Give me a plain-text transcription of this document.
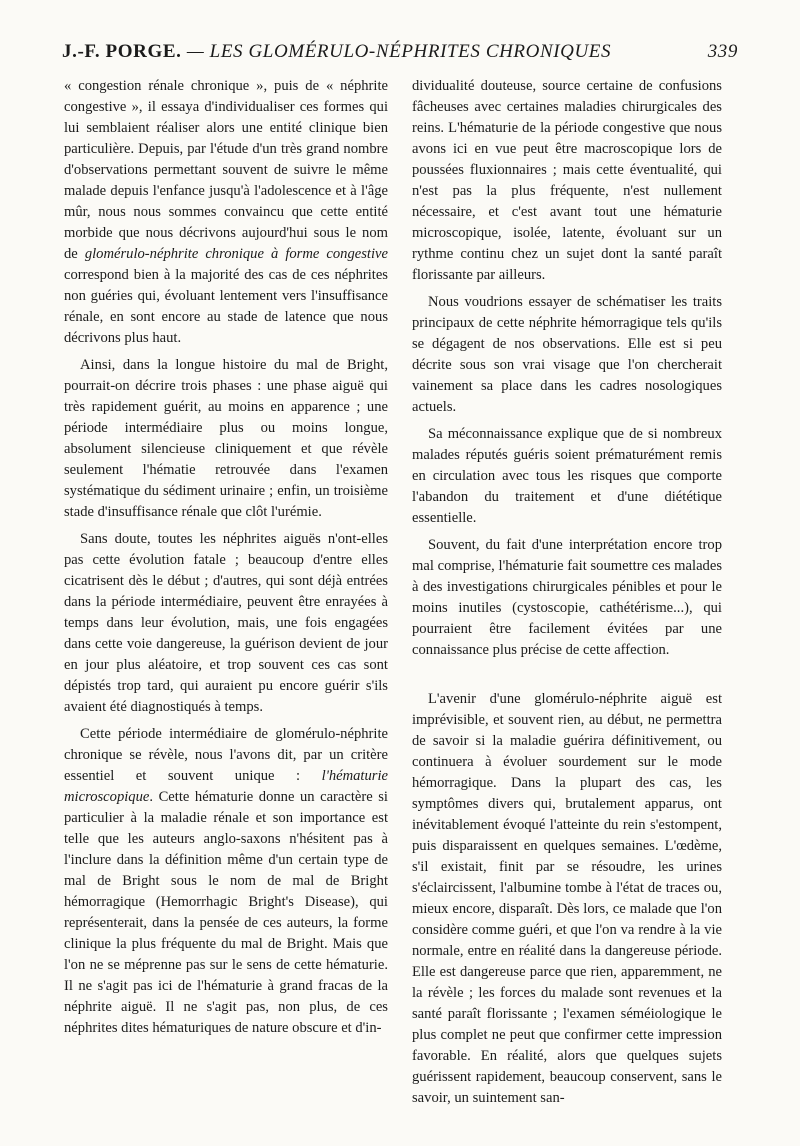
J.-F. PORGE. — LES GLOMÉRULO-NÉPHRITES CHRONIQUES	339

« congestion rénale chronique », puis de « néphrite congestive », il essaya d'individualiser ces formes qui lui semblaient réaliser alors une entité clinique bien particulière. Depuis, par l'étude d'un très grand nombre d'observations permettant souvent de suivre le même malade depuis l'enfance jusqu'à l'adolescence et à l'âge mûr, nous nous sommes convaincu que cette entité morbide que nous décrivons aujourd'hui sous le nom de glomérulo-néphrite chronique à forme congestive correspond bien à la majorité des cas de ces néphrites non guéries qui, évoluant lentement vers l'insuffisance rénale, en sont encore au stade de latence que nous décrivons plus haut.

Ainsi, dans la longue histoire du mal de Bright, pourrait-on décrire trois phases : une phase aiguë qui très rapidement guérit, au moins en apparence ; une période intermédiaire plus ou moins longue, absolument silencieuse cliniquement et que révèle seulement l'hématie retrouvée dans l'examen systématique du sédiment urinaire ; enfin, un troisième stade d'insuffisance rénale que clôt l'urémie.

Sans doute, toutes les néphrites aiguës n'ont-elles pas cette évolution fatale ; beaucoup d'entre elles cicatrisent dès le début ; d'autres, qui sont déjà entrées dans la période intermédiaire, peuvent être enrayées à temps dans leur évolution, mais, une fois engagées dans cette voie dangereuse, la guérison devient de jour en jour plus aléatoire, et trop souvent ces cas sont dépistés trop tard, qui auraient pu encore guérir s'ils avaient été diagnostiqués à temps.

Cette période intermédiaire de glomérulo-néphrite chronique se révèle, nous l'avons dit, par un critère essentiel et souvent unique : l'hématurie microscopique. Cette hématurie donne un caractère si particulier à la maladie rénale et son importance est telle que les auteurs anglo-saxons n'hésitent pas à l'inclure dans la définition même d'un certain type de mal de Bright sous le nom de mal de Bright hémorragique (Hemorrhagic Bright's Disease), qui représenterait, dans la pensée de ces auteurs, la forme clinique la plus fréquente du mal de Bright. Mais que l'on ne se méprenne pas sur le sens de cette hématurie. Il ne s'agit pas ici de l'hématurie à grand fracas de la néphrite aiguë. Il ne s'agit pas, non plus, de ces néphrites dites hématuriques de nature obscure et d'in-

dividualité douteuse, source certaine de confusions fâcheuses avec certaines maladies chirurgicales des reins. L'hématurie de la période congestive que nous avons ici en vue peut être macroscopique lors de poussées fluxionnaires ; mais cette éventualité, qui n'est pas la plus fréquente, n'est nullement nécessaire, et c'est avant tout une hématurie microscopique, isolée, latente, évoluant sur un rythme continu chez un sujet dont la santé paraît florissante par ailleurs.

Nous voudrions essayer de schématiser les traits principaux de cette néphrite hémorragique tels qu'ils se dégagent de nos observations. Elle est si peu décrite sous son vrai visage que l'on chercherait vainement sa place dans les cadres nosologiques actuels.

Sa méconnaissance explique que de si nombreux malades réputés guéris soient prématurément remis en circulation avec tous les risques que comporte l'abandon du traitement et d'une diététique essentielle.

Souvent, du fait d'une interprétation encore trop mal comprise, l'hématurie fait soumettre ces malades à des investigations chirurgicales pénibles et pour le moins inutiles (cystoscopie, cathétérisme...), qui pourraient être facilement évitées par une connaissance plus précise de cette affection.

L'avenir d'une glomérulo-néphrite aiguë est imprévisible, et souvent rien, au début, ne permettra de savoir si la maladie guérira définitivement, ou continuera à évoluer sourdement sur le mode hémorragique. Dans la plupart des cas, les symptômes divers qui, brutalement apparus, ont inévitablement évoqué l'atteinte du rein s'estompent, puis disparaissent en quelques semaines. L'œdème, s'il existait, finit par se résoudre, les urines s'éclaircissent, l'albumine tombe à l'état de traces ou, mieux encore, disparaît. Dès lors, ce malade que l'on considère comme guéri, et que l'on va rendre à la vie normale, entre en réalité dans la dangereuse période. Elle est dangereuse parce que rien, apparemment, ne la révèle ; les forces du malade sont revenues et la santé paraît florissante ; l'examen séméiologique le plus complet ne peut que confirmer cette impression favorable. En réalité, alors que quelques sujets guérissent rapidement, beaucoup conservent, sans le savoir, un suintement san-
